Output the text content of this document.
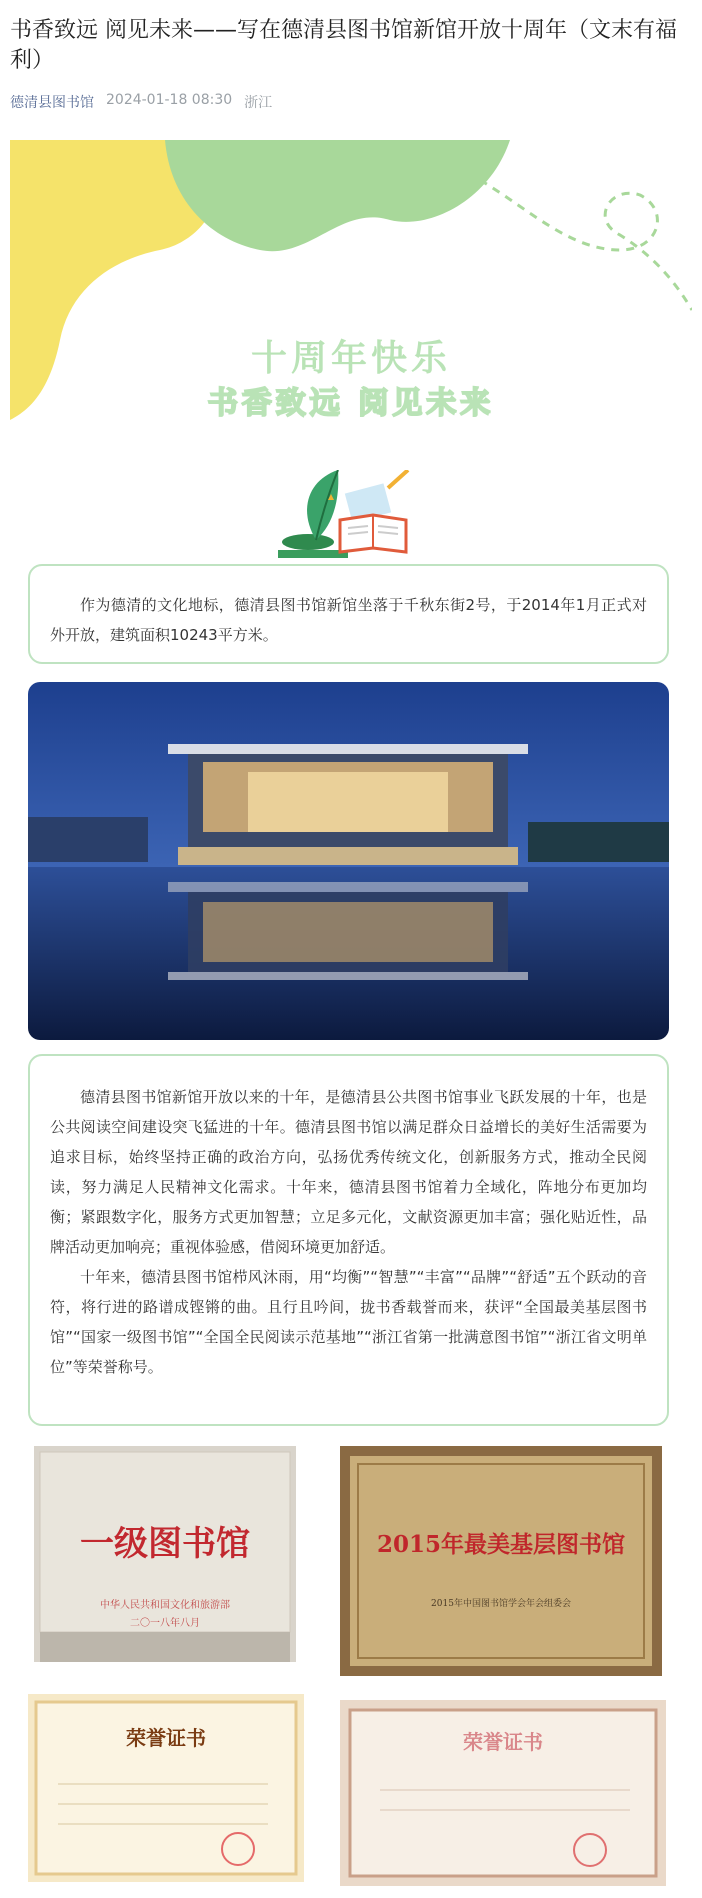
书香致远 阅见未来——写在德清县图书馆新馆开放十周年（文末有福利）
德清县图书馆 2024-01-18 08:30 浙江
十周年快乐
书香致远 阅见未来

作为德清的文化地标，德清县图书馆新馆坐落于千秋东街2号，于2014年1月正式对外开放，建筑面积10243平方米。

德清县图书馆新馆开放以来的十年，是德清县公共图书馆事业飞跃发展的十年，也是公共阅读空间建设突飞猛进的十年。德清县图书馆以满足群众日益增长的美好生活需要为追求目标，始终坚持正确的政治方向，弘扬优秀传统文化，创新服务方式，推动全民阅读，努力满足人民精神文化需求。十年来，德清县图书馆着力全域化，阵地分布更加均衡；紧跟数字化，服务方式更加智慧；立足多元化，文献资源更加丰富；强化贴近性，品牌活动更加响亮；重视体验感，借阅环境更加舒适。

十年来，德清县图书馆栉风沐雨，用“均衡”“智慧”“丰富”“品牌”“舒适”五个跃动的音符，将行进的路谱成铿锵的曲。且行且吟间，拢书香载誉而来，获评“全国最美基层图书馆”“国家一级图书馆”“全国全民阅读示范基地”“浙江省第一批满意图书馆”“浙江省文明单位”等荣誉称号。

一级图书馆
中华人民共和国文化和旅游部
二〇一八年八月
2015年最美基层图书馆
2015年中国图书馆学会年会组委会
荣誉证书	荣誉证书
